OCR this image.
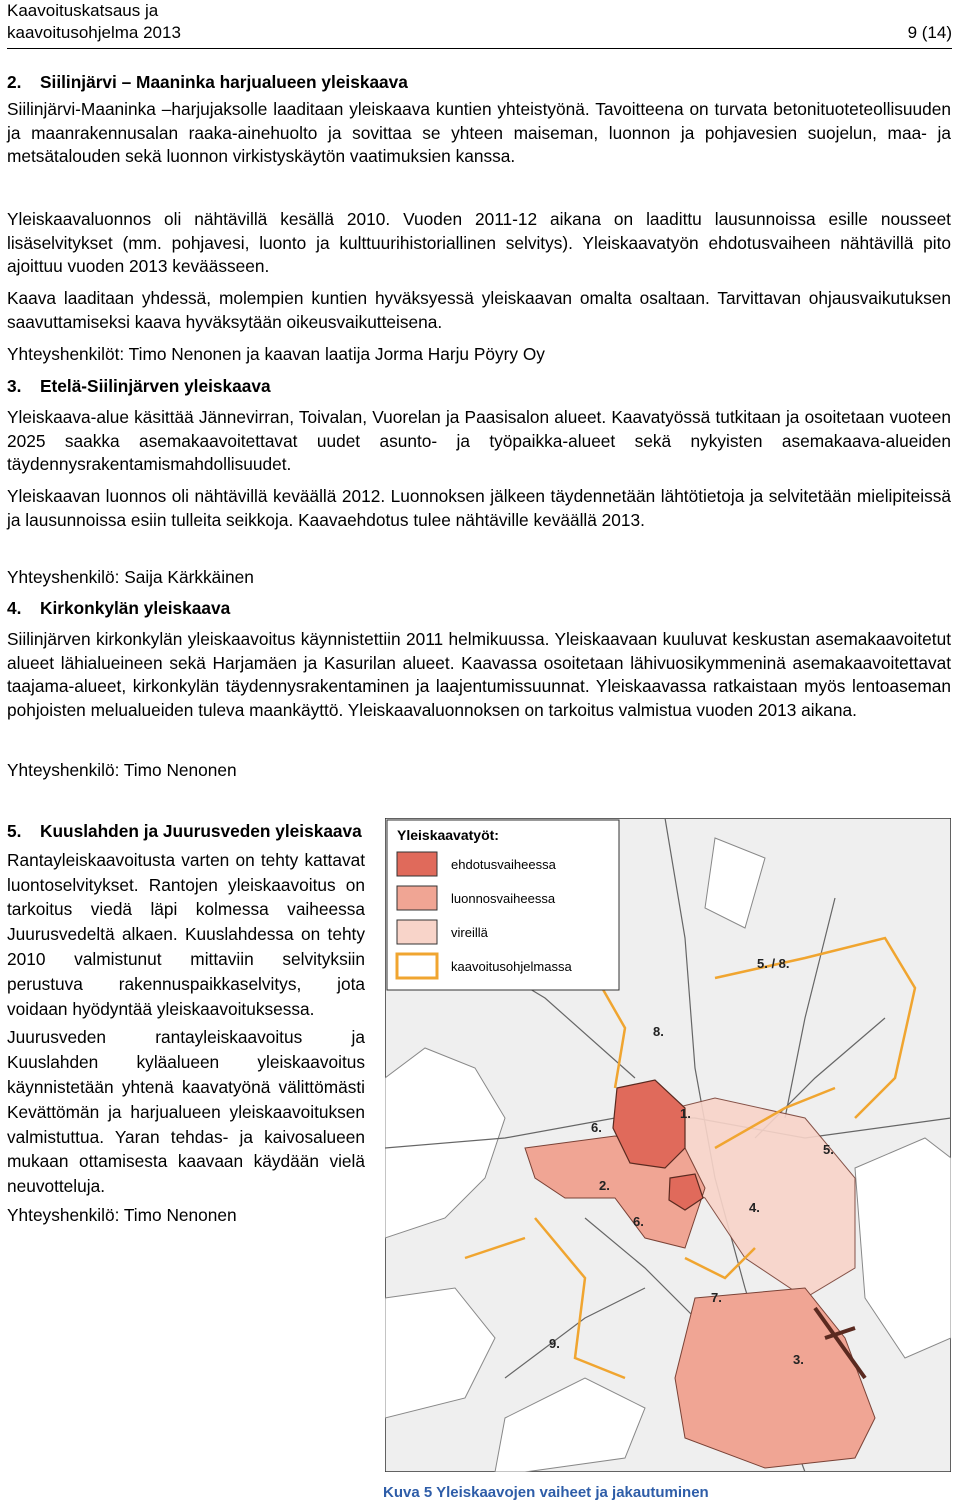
Kaavoituskatsaus ja
kaavoitusohjelma 2013	9 (14)
2. Siilinjärvi – Maaninka harjualueen yleiskaava
Siilinjärvi-Maaninka –harjujaksolle laaditaan yleiskaava kuntien yhteistyönä. Tavoitteena on turvata betonituoteteollisuuden ja maanrakennusalan raaka-ainehuolto ja sovittaa se yhteen maiseman, luonnon ja pohjavesien suojelun, maa- ja metsätalouden sekä luonnon virkistyskäytön vaatimuksien kanssa.
Yleiskaavaluonnos oli nähtävillä kesällä 2010. Vuoden 2011-12 aikana on laadittu lausunnoissa esille nousseet lisäselvitykset (mm. pohjavesi, luonto ja kulttuurihistoriallinen selvitys). Yleiskaavatyön ehdotusvaiheen nähtävillä pito ajoittuu vuoden 2013 keväässeen.
Kaava laaditaan yhdessä, molempien kuntien hyväksyessä yleiskaavan omalta osaltaan. Tarvittavan ohjausvaikutuksen saavuttamiseksi kaava hyväksytään oikeusvaikutteisena.
Yhteyshenkilöt: Timo Nenonen ja kaavan laatija Jorma Harju Pöyry Oy
3. Etelä-Siilinjärven yleiskaava
Yleiskaava-alue käsittää Jännevirran, Toivalan, Vuorelan ja Paasisalon alueet. Kaavatyössä tutkitaan ja osoitetaan vuoteen 2025 saakka asemakaavoitettavat uudet asunto- ja työpaikka-alueet sekä nykyisten asemakaava-alueiden täydennysrakentamismahdollisuudet.
Yleiskaavan luonnos oli nähtävillä keväällä 2012. Luonnoksen jälkeen täydennetään lähtötietoja ja selvitetään mielipiteissä ja lausunnoissa esiin tulleita seikkoja. Kaavaehdotus tulee nähtäville keväällä 2013.
Yhteyshenkilö: Saija Kärkkäinen
4. Kirkonkylän yleiskaava
Siilinjärven kirkonkylän yleiskaavoitus käynnistettiin 2011 helmikuussa. Yleiskaavaan kuuluvat keskustan asemakaavoitetut alueet lähialueineen sekä Harjamäen ja Kasurilan alueet. Kaavassa osoitetaan lähivuosikymmeninä asemakaavoitettavat taajama-alueet, kirkonkylän täydennysrakentaminen ja laajentumissuunnat. Yleiskaavassa ratkaistaan myös lentoaseman pohjoisten melualueiden tuleva maankäyttö. Yleiskaavaluonnoksen on tarkoitus valmistua vuoden 2013 aikana.
Yhteyshenkilö: Timo Nenonen
5.	Kuuslahden ja Juurusveden yleiskaava
Rantayleiskaavoitusta varten on tehty kattavat luontoselvitykset. Rantojen yleiskaavoitus on tarkoitus viedä läpi kolmessa vaiheessa Juurusvedeltä alkaen. Kuuslahdessa on tehty 2010 valmistunut mittaviin selvityksiin perustuva rakennuspaikkaselvitys, jota voidaan hyödyntää yleiskaavoituksessa.
Juurusveden rantayleiskaavoitus ja Kuuslahden kyläalueen yleiskaavoitus käynnistetään yhtenä kaavatyönä välittömästi Kevättömän ja harjualueen yleiskaavoituksen valmistuttua. Yaran tehdas- ja kaivosalueen mukaan ottamisesta kaavaan käydään vielä neuvotteluja.
Yhteyshenkilö: Timo Nenonen
Yleiskaavatyöt:
ehdotusvaiheessa
luonnosvaiheessa
vireillä
kaavoitusohjelmassa	5. / 8.
8.
1.
6.
5.
2.
6.
4.
7.
9.
3.
Kuva 5 Yleiskaavojen vaiheet ja jakautuminen
